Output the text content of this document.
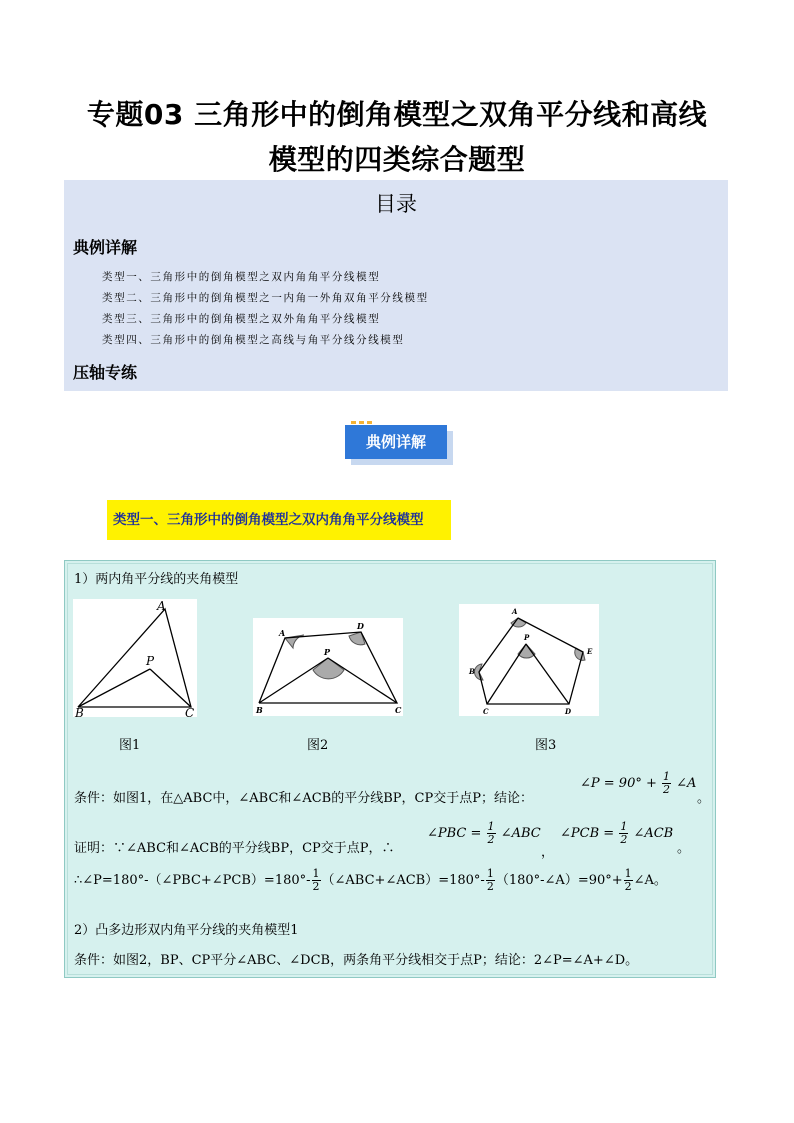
专题03 三角形中的倒角模型之双角平分线和高线
模型的四类综合题型
目录
典例详解
类型一、三角形中的倒角模型之双内角角平分线模型
类型二、三角形中的倒角模型之一内角一外角双角平分线模型
类型三、三角形中的倒角模型之双外角角平分线模型
类型四、三角形中的倒角模型之高线与角平分线分线模型
压轴专练
典例详解
类型一、三角形中的倒角模型之双内角角平分线模型
1）两内角平分线的夹角模型
A
P
B	C
A
D
P
B	C
A
P
E
B
C	D
图1	图2	图3
条件：如图1，在△ABC中，∠ABC和∠ACB的平分线BP，CP交于点P；结论：
∠P = $90^\circ + \frac{1}{2}$ ∠A
。
证明：∵∠ABC和∠ACB的平分线BP，CP交于点P，∴
∠PBC = $\frac{1}{2}$ ∠ABC
，
∠PCB = $\frac{1}{2}$ ∠ACB
。
∴∠P=180°-（∠PBC+∠PCB）=180°- $\frac{1}{2}$ （∠ABC+∠ACB）=180°- $\frac{1}{2}$ （180°-∠A）=90°+ $\frac{1}{2}$ ∠A。
2）凸多边形双内角平分线的夹角模型1
条件：如图2，BP、CP平分∠ABC、∠DCB，两条角平分线相交于点P；结论：2∠P=∠A+∠D。
